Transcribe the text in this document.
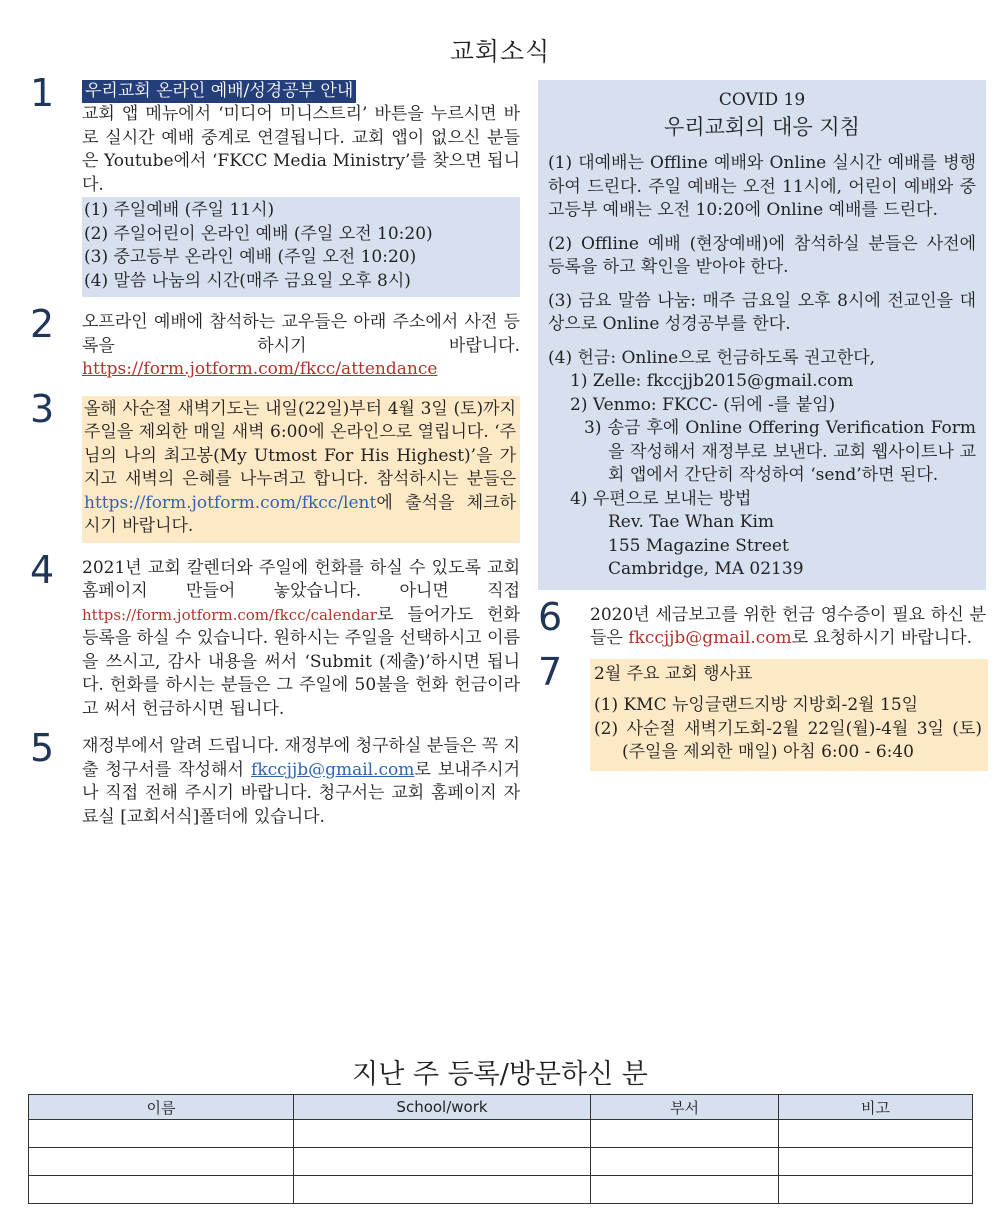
교회소식
1 우리교회 온라인 예배/성경공부 안내

교회 앱 메뉴에서 ‘미디어 미니스트리’ 바튼을 누르시면 바로 실시간 예배 중계로 연결됩니다. 교회 앱이 없으신 분들은 Youtube에서 ‘FKCC Media Ministry’를 찾으면 됩니다.

(1) 주일예배 (주일 11시)
(2) 주일어린이 온라인 예배 (주일 오전 10:20)
(3) 중고등부 온라인 예배 (주일 오전 10:20)
(4) 말씀 나눔의 시간(매주 금요일 오후 8시)
2 오프라인 예배에 참석하는 교우들은 아래 주소에서 사전 등록을 하시기 바랍니다. https://form.jotform.com/fkcc/attendance

3 올해 사순절 새벽기도는 내일(22일)부터 4월 3일 (토)까지 주일을 제외한 매일 새벽 6:00에 온라인으로 열립니다. ‘주님의 나의 최고봉(My Utmost For His Highest)’을 가지고 새벽의 은혜를 나누려고 합니다. 참석하시는 분들은 https://form.jotform.com/fkcc/lent에 출석을 체크하시기 바랍니다.

4 2021년 교회 칼렌더와 주일에 헌화를 하실 수 있도록 교회 홈페이지 만들어 놓았습니다. 아니면 직접 https://form.jotform.com/fkcc/calendar로 들어가도 헌화 등록을 하실 수 있습니다. 원하시는 주일을 선택하시고 이름을 쓰시고, 감사 내용을 써서 ‘Submit (제출)’하시면 됩니다. 헌화를 하시는 분들은 그 주일에 50불을 헌화 헌금이라고 써서 헌금하시면 됩니다.

5 재정부에서 알려 드립니다. 재정부에 청구하실 분들은 꼭 지출 청구서를 작성해서 fkccjjb@gmail.com로 보내주시거나 직접 전해 주시기 바랍니다. 청구서는 교회 홈페이지 자료실 [교회서식]폴더에 있습니다.

COVID 19
우리교회의 대응 지침

(1) 대예배는 Offline 예배와 Online 실시간 예배를 병행하여 드린다. 주일 예배는 오전 11시에, 어린이 예배와 중고등부 예배는 오전 10:20에 Online 예배를 드린다.

(2) Offline 예배 (현장예배)에 참석하실 분들은 사전에 등록을 하고 확인을 받아야 한다.

(3) 금요 말씀 나눔: 매주 금요일 오후 8시에 전교인을 대상으로 Online 성경공부를 한다.

(4) 헌금: Online으로 헌금하도록 권고한다,
1) Zelle: fkccjjb2015@gmail.com
2) Venmo: FKCC- (뒤에 -를 붙임)
3) 송금 후에 Online Offering Verification Form을 작성해서 재정부로 보낸다. 교회 웹사이트나 교회 앱에서 간단히 작성하여 ‘send’하면 된다.
4) 우편으로 보내는 방법
Rev. Tae Whan Kim
155 Magazine Street
Cambridge, MA 02139
6 2020년 세금보고를 위한 헌금 영수증이 필요 하신 분들은 fkccjjb@gmail.com로 요청하시기 바랍니다.

7 2월 주요 교회 행사표
(1) KMC 뉴잉글랜드지방 지방회-2월 15일
(2) 사순절 새벽기도회-2월 22일(월)-4월 3일 (토) (주일을 제외한 매일) 아침 6:00 - 6:40
지난 주 등록/방문하신 분
이름	School/work	부서	비고
